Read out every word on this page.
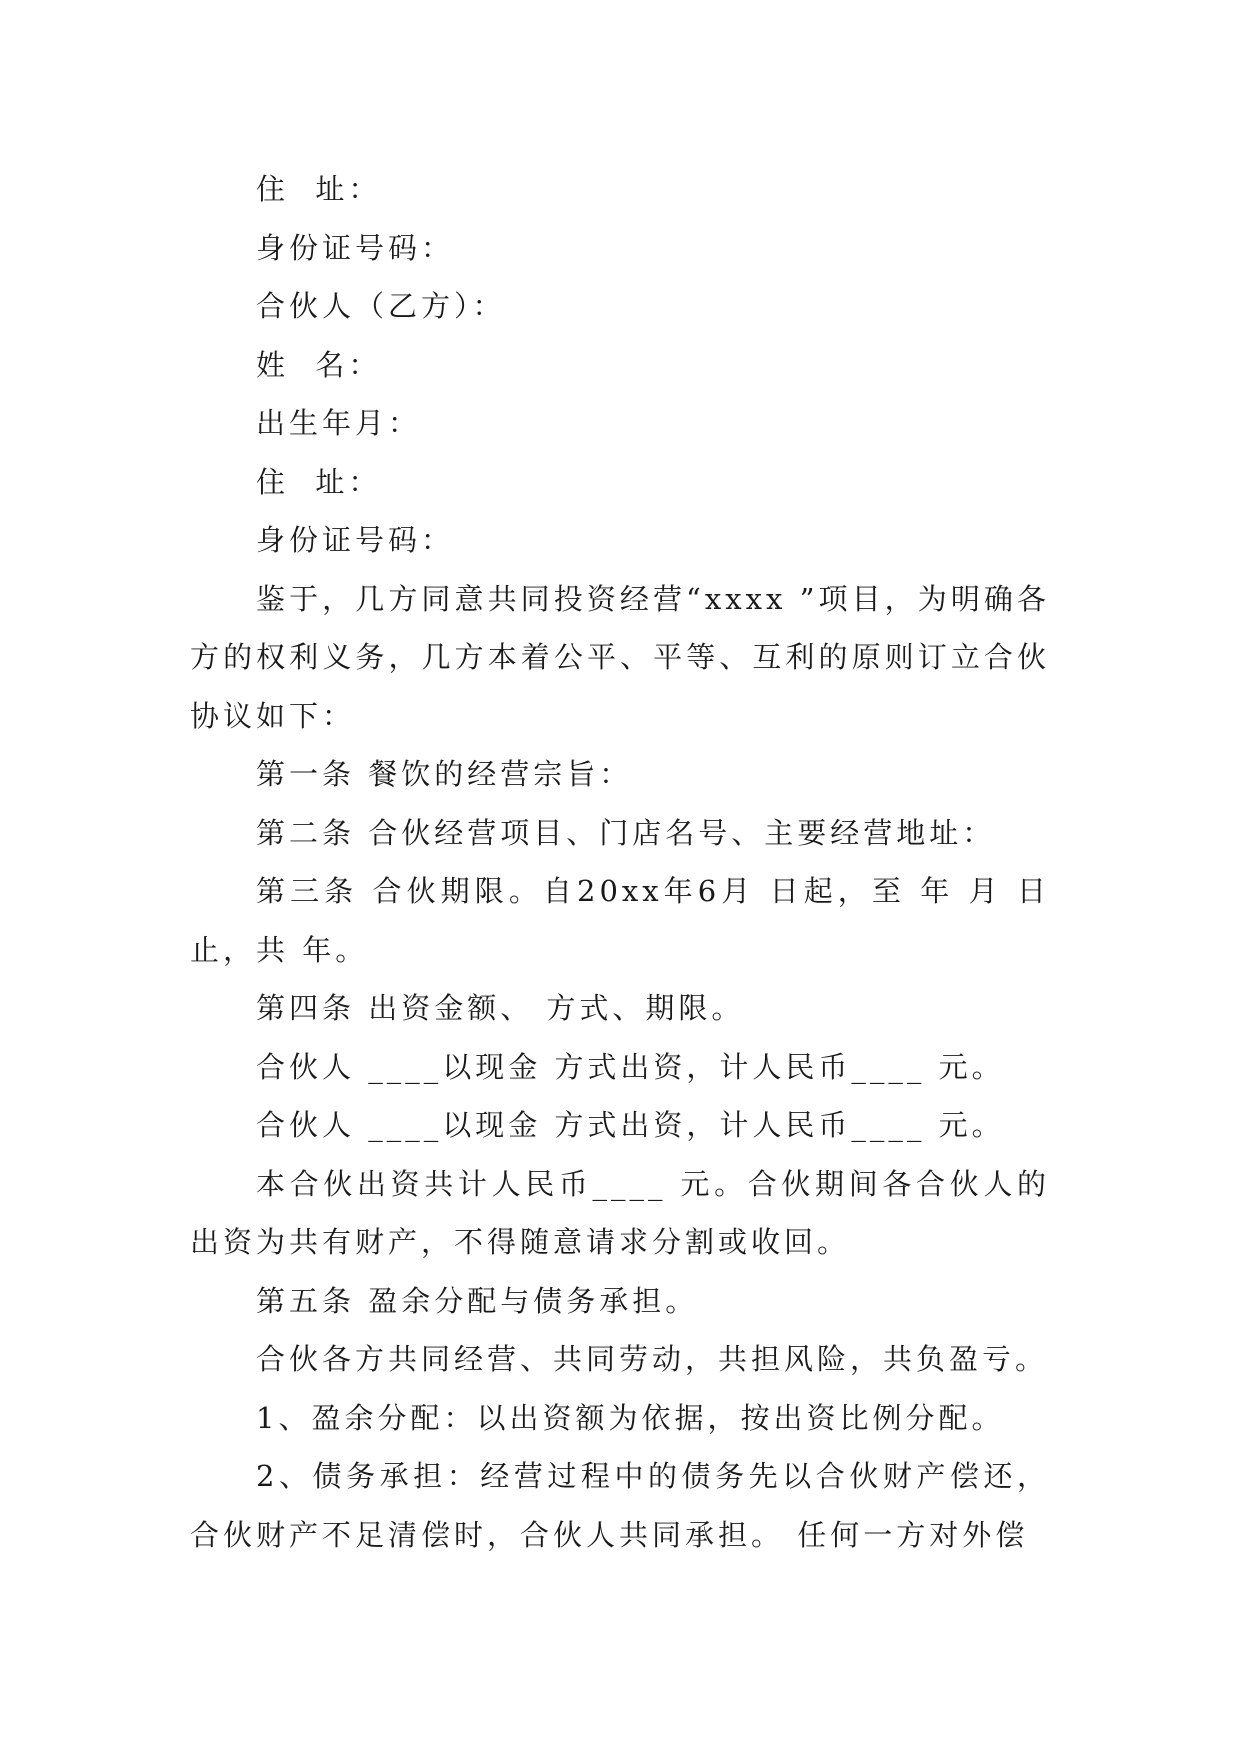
住  址：

身份证号码：

合伙人（乙方）：

姓  名：

出生年月：

住  址：

身份证号码：

鉴于，几方同意共同投资经营“xxxx ”项目，为明确各方的权利义务，几方本着公平、平等、互利的原则订立合伙协议如下：

第一条 餐饮的经营宗旨：

第二条 合伙经营项目、门店名号、主要经营地址：

第三条 合伙期限。自20xx年6月 日起，至 年 月 日止，共 年。

第四条 出资金额、 方式、期限。

合伙人 ____以现金 方式出资，计人民币____ 元。

合伙人 ____以现金 方式出资，计人民币____ 元。

本合伙出资共计人民币____ 元。合伙期间各合伙人的出资为共有财产，不得随意请求分割或收回。

第五条 盈余分配与债务承担。

合伙各方共同经营、共同劳动，共担风险，共负盈亏。

1、盈余分配：以出资额为依据，按出资比例分配。

2、债务承担：经营过程中的债务先以合伙财产偿还，合伙财产不足清偿时，合伙人共同承担。 任何一方对外偿
